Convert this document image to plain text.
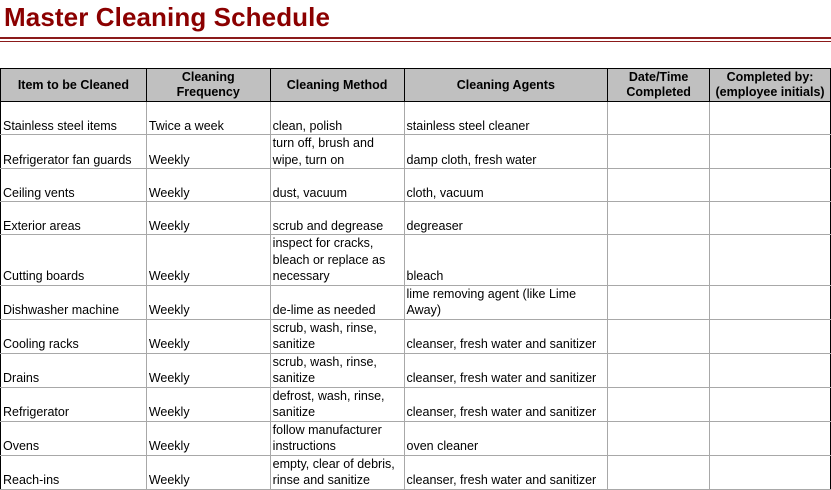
Master Cleaning Schedule
Item to be Cleaned	Cleaning Frequency	Cleaning Method	Cleaning Agents	Date/Time Completed	Completed by: (employee initials)
Stainless steel items	Twice a week	clean, polish	stainless steel cleaner		
Refrigerator fan guards	Weekly	turn off, brush and wipe, turn on	damp cloth, fresh water		
Ceiling vents	Weekly	dust, vacuum	cloth, vacuum		
Exterior areas	Weekly	scrub and degrease	degreaser		
Cutting boards	Weekly	inspect for cracks, bleach or replace as necessary	bleach		
Dishwasher machine	Weekly	de-lime as needed	lime removing agent (like Lime Away)		
Cooling racks	Weekly	scrub, wash, rinse, sanitize	cleanser, fresh water and sanitizer		
Drains	Weekly	scrub, wash, rinse, sanitize	cleanser, fresh water and sanitizer		
Refrigerator	Weekly	defrost, wash, rinse, sanitize	cleanser, fresh water and sanitizer		
Ovens	Weekly	follow manufacturer instructions	oven cleaner		
Reach-ins	Weekly	empty, clear of debris, rinse and sanitize	cleanser, fresh water and sanitizer		
